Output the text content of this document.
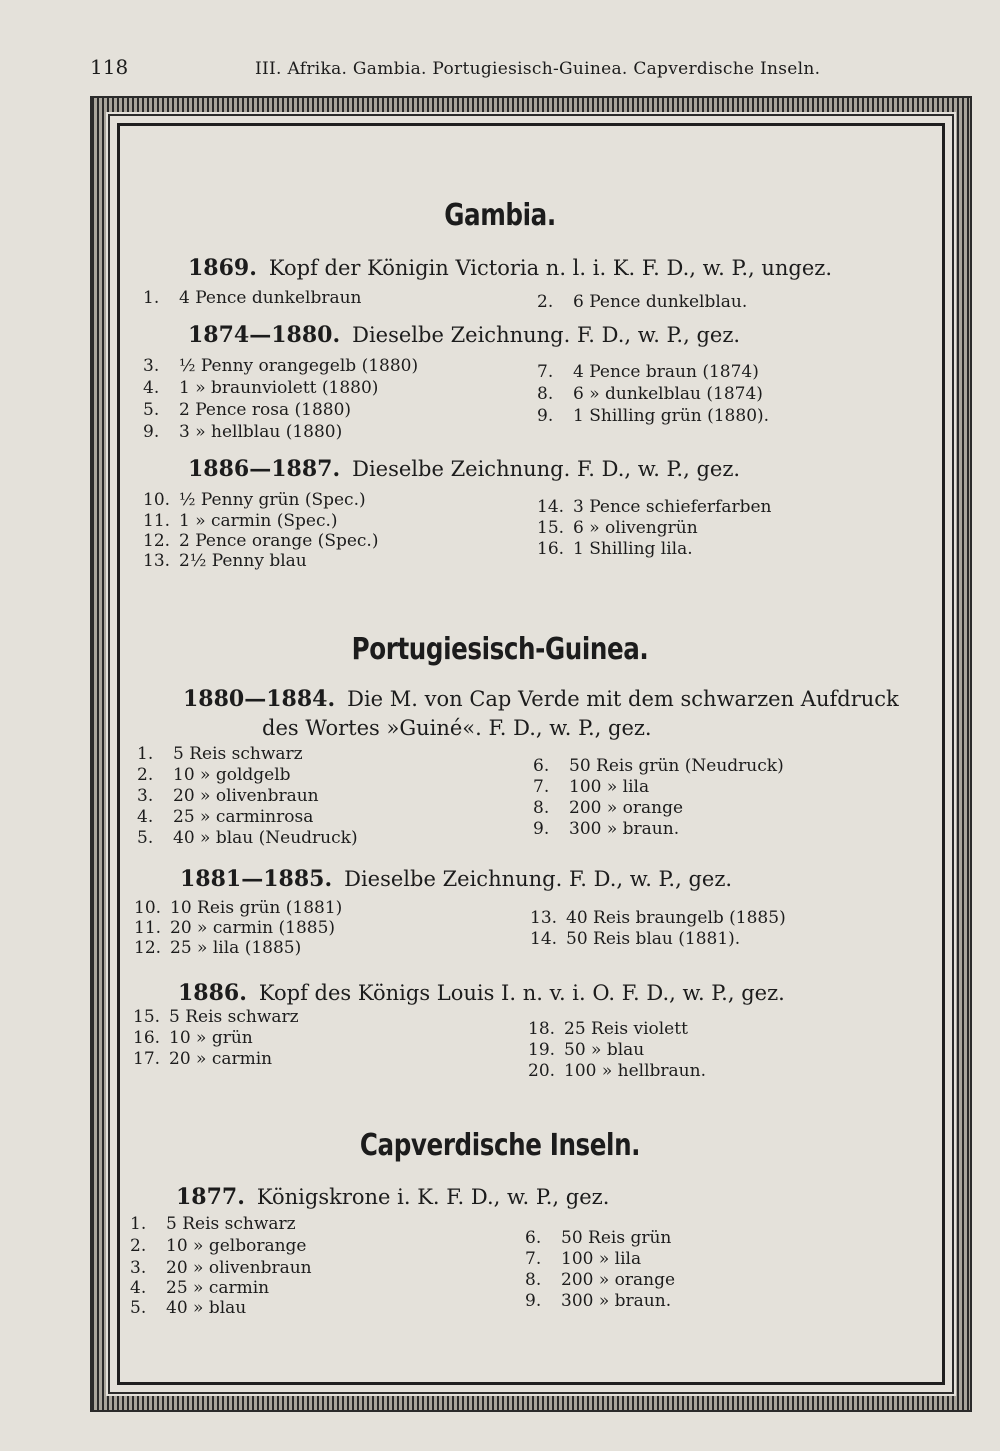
118	III. Afrika. Gambia. Portugiesisch-Guinea. Capverdische Inseln.
Gambia.
1869. Kopf der Königin Victoria n. l. i. K. F. D., w. P., ungez.
1. 4 Pence dunkelbraun	2. 6 Pence dunkelblau.
1874—1880. Dieselbe Zeichnung. F. D., w. P., gez.
3. ½ Penny orangegelb (1880)
4. 1 » braunviolett (1880)
5. 2 Pence rosa (1880)
9. 3 » hellblau (1880)
7. 4 Pence braun (1874)
8. 6 » dunkelblau (1874)
9. 1 Shilling grün (1880).
1886—1887. Dieselbe Zeichnung. F. D., w. P., gez.
10. ½ Penny grün (Spec.)
11. 1 » carmin (Spec.)
12. 2 Pence orange (Spec.)
13. 2½ Penny blau
14. 3 Pence schieferfarben
15. 6 » olivengrün
16. 1 Shilling lila.
Portugiesisch-Guinea.
1880—1884. Die M. von Cap Verde mit dem schwarzen Aufdruck
des Wortes »Guiné«. F. D., w. P., gez.
1. 5 Reis schwarz
2. 10 » goldgelb
3. 20 » olivenbraun
4. 25 » carminrosa
5. 40 » blau (Neudruck)
6. 50 Reis grün (Neudruck)
7. 100 » lila
8. 200 » orange
9. 300 » braun.
1881—1885. Dieselbe Zeichnung. F. D., w. P., gez.
10. 10 Reis grün (1881)
11. 20 » carmin (1885)
12. 25 » lila (1885)
13. 40 Reis braungelb (1885)
14. 50 Reis blau (1881).
1886. Kopf des Königs Louis I. n. v. i. O. F. D., w. P., gez.
15. 5 Reis schwarz
16. 10 » grün
17. 20 » carmin
18. 25 Reis violett
19. 50 » blau
20. 100 » hellbraun.
Capverdische Inseln.
1877. Königskrone i. K. F. D., w. P., gez.
1. 5 Reis schwarz
2. 10 » gelborange
3. 20 » olivenbraun
4. 25 » carmin
5. 40 » blau
6. 50 Reis grün
7. 100 » lila
8. 200 » orange
9. 300 » braun.
